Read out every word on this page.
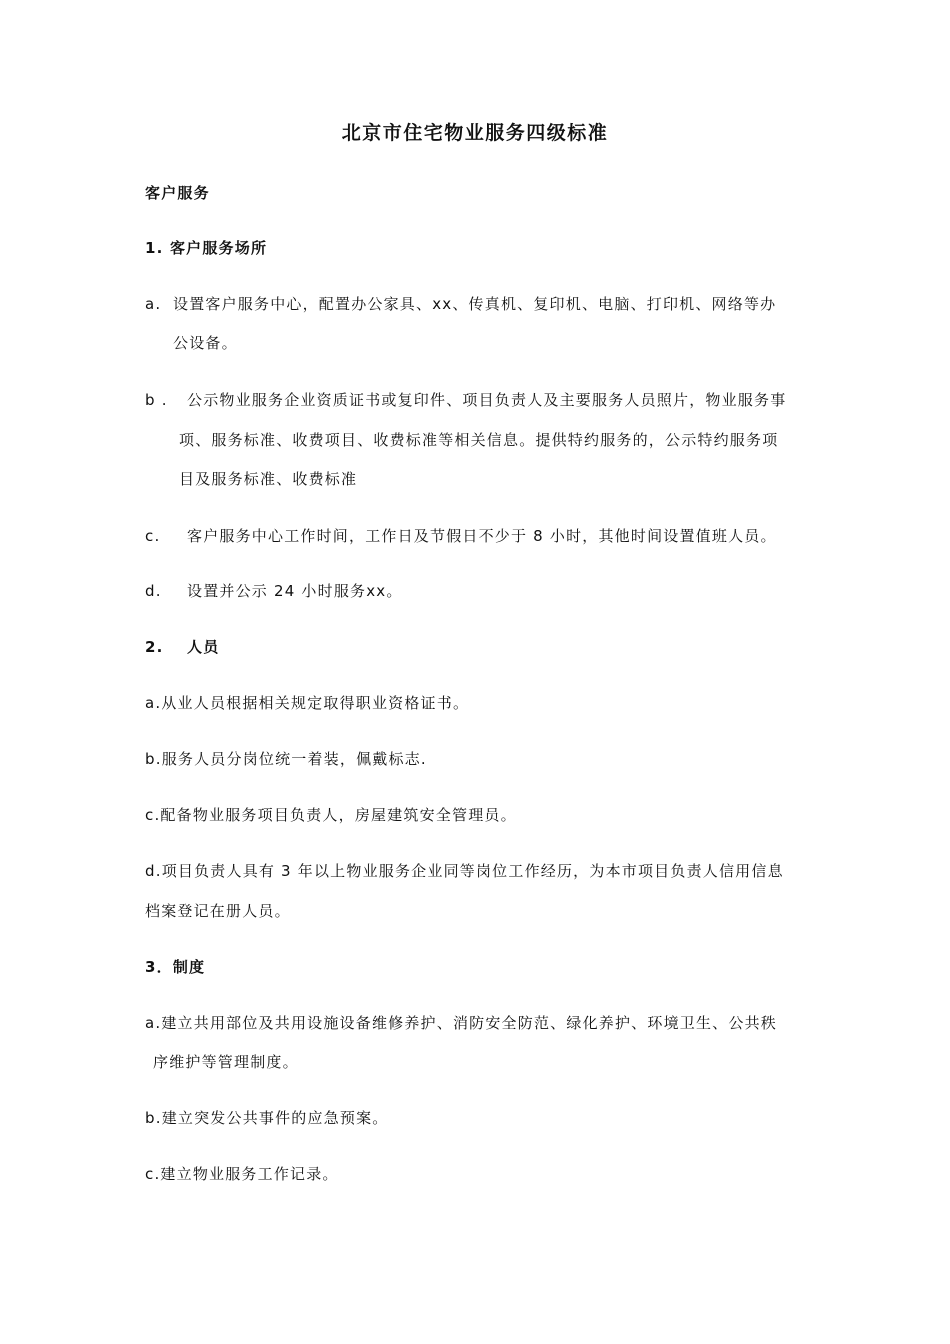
北京市住宅物业服务四级标准
客户服务
1. 客户服务场所
a. 设置客户服务中心，配置办公家具、xx、传真机、复印机、电脑、打印机、网络等办
公设备。
b . 公示物业服务企业资质证书或复印件、项目负责人及主要服务人员照片，物业服务事
项、服务标准、收费项目、收费标准等相关信息。提供特约服务的，公示特约服务项
目及服务标准、收费标准
c. 客户服务中心工作时间，工作日及节假日不少于 8 小时，其他时间设置值班人员。
d. 设置并公示 24 小时服务xx。
2. 人员
a.从业人员根据相关规定取得职业资格证书。
b.服务人员分岗位统一着装，佩戴标志.
c.配备物业服务项目负责人，房屋建筑安全管理员。
d.项目负责人具有 3 年以上物业服务企业同等岗位工作经历，为本市项目负责人信用信息
档案登记在册人员。
3．制度
a.建立共用部位及共用设施设备维修养护、消防安全防范、绿化养护、环境卫生、公共秩
序维护等管理制度。
b.建立突发公共事件的应急预案。
c.建立物业服务工作记录。
